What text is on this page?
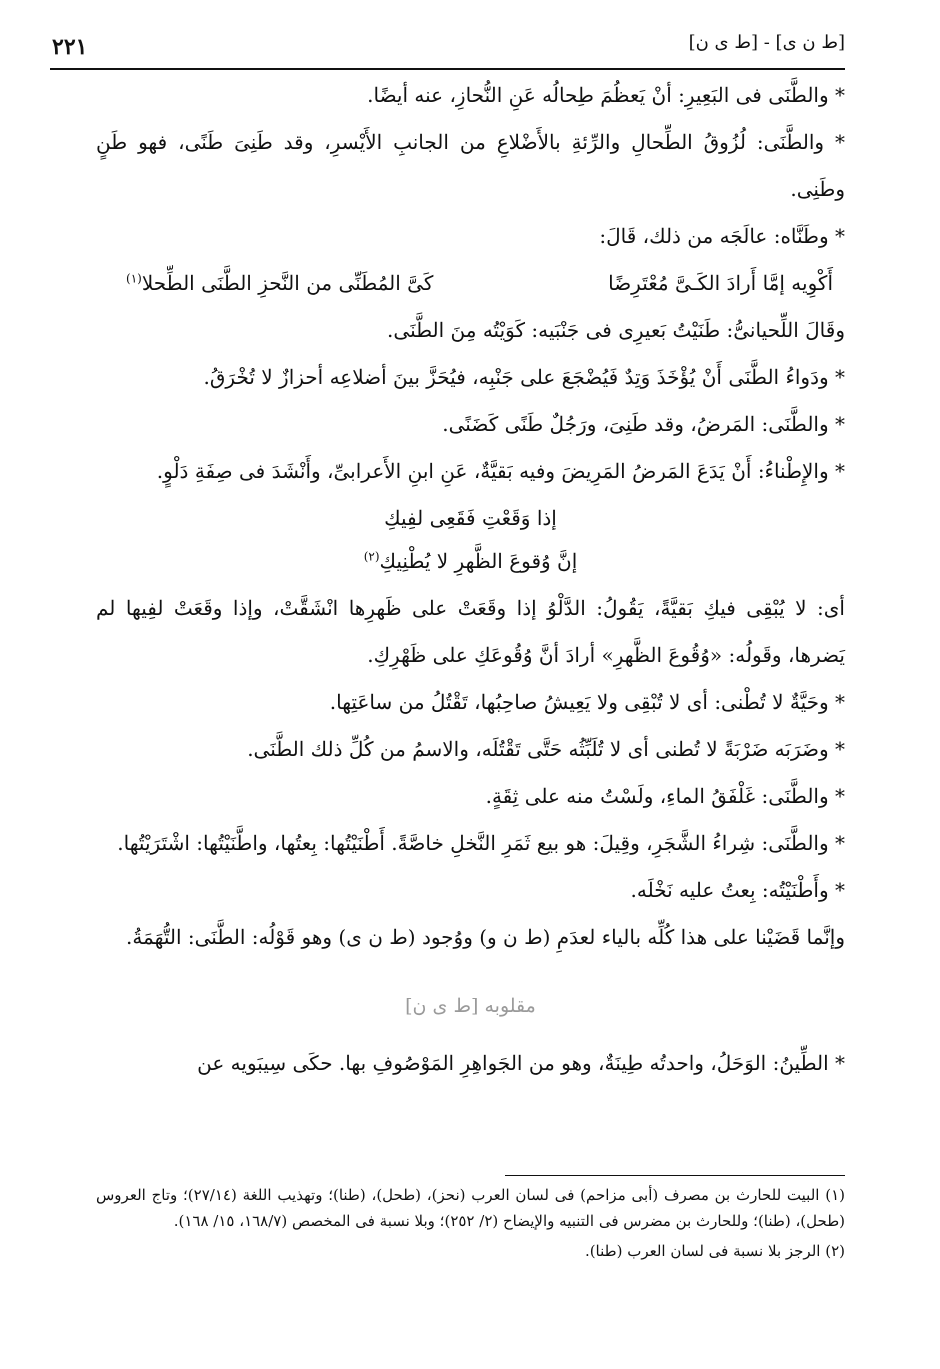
[ط ن ى] - [ط ى ن]
٢٢١

* والطَّنَى فى البَعِيرِ: أنْ يَعظُمَ طِحالُه عَنِ النُّحازِ، عنه أيضًا.

* والطَّنَى: لُزُوقُ الطِّحالِ والرِّئةِ بالأَضْلاعِ من الجانبِ الأَيْسرِ، وقد طَنِىَ طَنًى، فهو طَنٍ وطَنِى.

* وطَنَّاه: عالَجَه من ذلك، قَالَ:

أَكْوِيه إمَّا أَرادَ الكَـىَّ مُعْتَرِضًا
كَىَّ المُطَنِّى من النَّحزِ الطَّنَى الطِّحلا$^{(١)}$

وقَالَ اللِّحيانىُّ: طَنَيْتُ بَعيرِى فى جَنْبَيه: كَوَيْتُه مِنَ الطَّنَى.

* ودَواءُ الطَّنَى أَنْ يُؤْخَذَ وَتِدٌ فَيُضْجَعَ على جَنْبِه، فيُحَزَّ بينَ أضلاعِه أحزازٌ لا تُخْرَقُ.

* والطَّنَى: المَرضُ، وقد طَنِىَ، ورَجُلٌ طَنًى كَضَنًى.

* والإِطْناءُ: أَنْ يَدَعَ المَرضُ المَرِيضَ وفيه بَقيَّةٌ، عَنِ ابنِ الأَعرابىِّ، وأَنْشَدَ فى صِفَةِ دَلْوٍ.

إذا وَقَعْتِ فَقَعِى لفِيكِ
إنَّ وُقوعَ الظَّهرِ لا يُطْنِيكِ$^{(٢)}$

أى: لا يُبْقِى فيكِ بَقيَّةً، يَقُولُ: الدَّلْوُ إذا وقَعَتْ على ظَهرِها انْشَقَّتْ، وإذا وقَعَتْ لفِيها لم يَضرها، وقَولُه: «وُقُوعَ الظَّهرِ» أرادَ أنَّ وُقُوعَكِ على ظَهْرِكِ.

* وحَيَّةٌ لا تُطْنى: أى لا تُبْقِى ولا يَعِيشُ صاحِبُها، تَقْتُلُ من ساعَتِها.

* وضَرَبَه ضَرْبَةً لا تُطنى أى لا تُلَبِّثُه حَتَّى تَقْتُلَه، والاسمُ من كُلِّ ذلك الطَّنَى.

* والطَّنَى: غَلْفَقُ الماءِ، ولَسْتُ منه على ثِقَةٍ.

* والطَّنَى: شِراءُ الشَّجَرِ، وقِيلَ: هو بيع ثَمَرِ النَّخلِ خاصَّةً. أَطْنَيْتُها: بِعتُها، واطَّنَيْتُها: اشْتَرَيْتُها.

* وأَطْنَيْتُه: بِعتُ عليه نَخْلَه.

وإنَّما قَضَيْنا على هذا كُلِّه بالياء لعدَمِ (ط ن و) ووُجود (ط ن ى) وهو قَوْلُه: الطَّنَى: التُّهَمَةُ.

مقلوبه [ط ى ن]

* الطِّينُ: الوَحَلُ، واحدتُه طِينَةٌ، وهو من الجَواهِرِ المَوْصُوفِ بها. حكَى سِيبَويه عن

(١) البيت للحارث بن مصرف (أبى مزاحم) فى لسان العرب (نحز)، (طحل)، (طنا)؛ وتهذيب اللغة (٢٧/١٤)؛ وتاج العروس (طحل)، (طنا)؛ وللحارث بن مضرس فى التنبيه والإيضاح (٢/ ٢٥٢)؛ وبلا نسبة فى المخصص (١٦٨/٧، ١٥/ ١٦٨).

(٢) الرجز بلا نسبة فى لسان العرب (طنا).
